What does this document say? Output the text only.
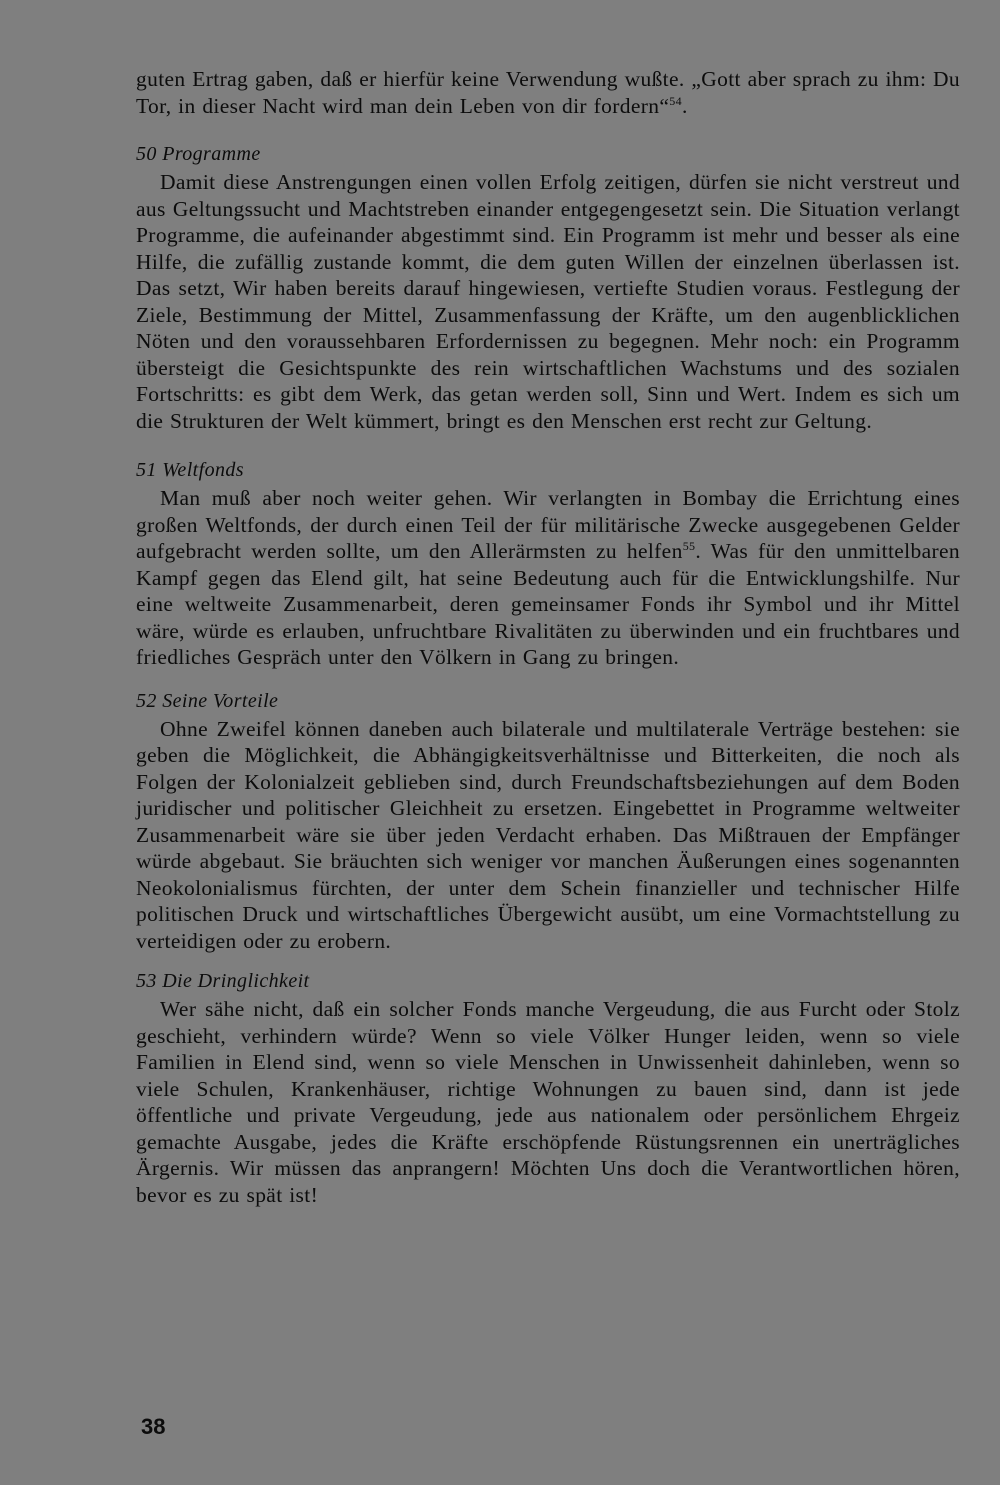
guten Ertrag gaben, daß er hierfür keine Verwendung wußte. „Gott aber sprach zu ihm: Du Tor, in dieser Nacht wird man dein Leben von dir fordern“$^{54}$.

50 Programme

Damit diese Anstrengungen einen vollen Erfolg zeitigen, dürfen sie nicht verstreut und aus Geltungssucht und Machtstreben einander entgegengesetzt sein. Die Situation verlangt Programme, die aufeinander abgestimmt sind. Ein Programm ist mehr und besser als eine Hilfe, die zufällig zustande kommt, die dem guten Willen der einzelnen überlassen ist. Das setzt, Wir haben bereits darauf hingewiesen, vertiefte Studien voraus. Festlegung der Ziele, Bestimmung der Mittel, Zusammenfassung der Kräfte, um den augenblicklichen Nöten und den voraussehbaren Erfordernissen zu begegnen. Mehr noch: ein Programm übersteigt die Gesichtspunkte des rein wirtschaftlichen Wachstums und des sozialen Fortschritts: es gibt dem Werk, das getan werden soll, Sinn und Wert. Indem es sich um die Strukturen der Welt kümmert, bringt es den Menschen erst recht zur Geltung.

51 Weltfonds

Man muß aber noch weiter gehen. Wir verlangten in Bombay die Errichtung eines großen Weltfonds, der durch einen Teil der für militärische Zwecke ausgegebenen Gelder aufgebracht werden sollte, um den Allerärmsten zu helfen$^{55}$. Was für den unmittelbaren Kampf gegen das Elend gilt, hat seine Bedeutung auch für die Entwicklungshilfe. Nur eine weltweite Zusammenarbeit, deren gemeinsamer Fonds ihr Symbol und ihr Mittel wäre, würde es erlauben, unfruchtbare Rivalitäten zu überwinden und ein fruchtbares und friedliches Gespräch unter den Völkern in Gang zu bringen.

52 Seine Vorteile

Ohne Zweifel können daneben auch bilaterale und multilaterale Verträge bestehen: sie geben die Möglichkeit, die Abhängigkeitsverhältnisse und Bitterkeiten, die noch als Folgen der Kolonialzeit geblieben sind, durch Freundschaftsbeziehungen auf dem Boden juridischer und politischer Gleichheit zu ersetzen. Eingebettet in Programme weltweiter Zusammenarbeit wäre sie über jeden Verdacht erhaben. Das Mißtrauen der Empfänger würde abgebaut. Sie bräuchten sich weniger vor manchen Äußerungen eines sogenannten Neokolonialismus fürchten, der unter dem Schein finanzieller und technischer Hilfe politischen Druck und wirtschaftliches Übergewicht ausübt, um eine Vormachtstellung zu verteidigen oder zu erobern.

53 Die Dringlichkeit

Wer sähe nicht, daß ein solcher Fonds manche Vergeudung, die aus Furcht oder Stolz geschieht, verhindern würde? Wenn so viele Völker Hunger leiden, wenn so viele Familien in Elend sind, wenn so viele Menschen in Unwissenheit dahinleben, wenn so viele Schulen, Krankenhäuser, richtige Wohnungen zu bauen sind, dann ist jede öffentliche und private Vergeudung, jede aus nationalem oder persönlichem Ehrgeiz gemachte Ausgabe, jedes die Kräfte erschöpfende Rüstungsrennen ein unerträgliches Ärgernis. Wir müssen das anprangern! Möchten Uns doch die Verantwortlichen hören, bevor es zu spät ist!

38
